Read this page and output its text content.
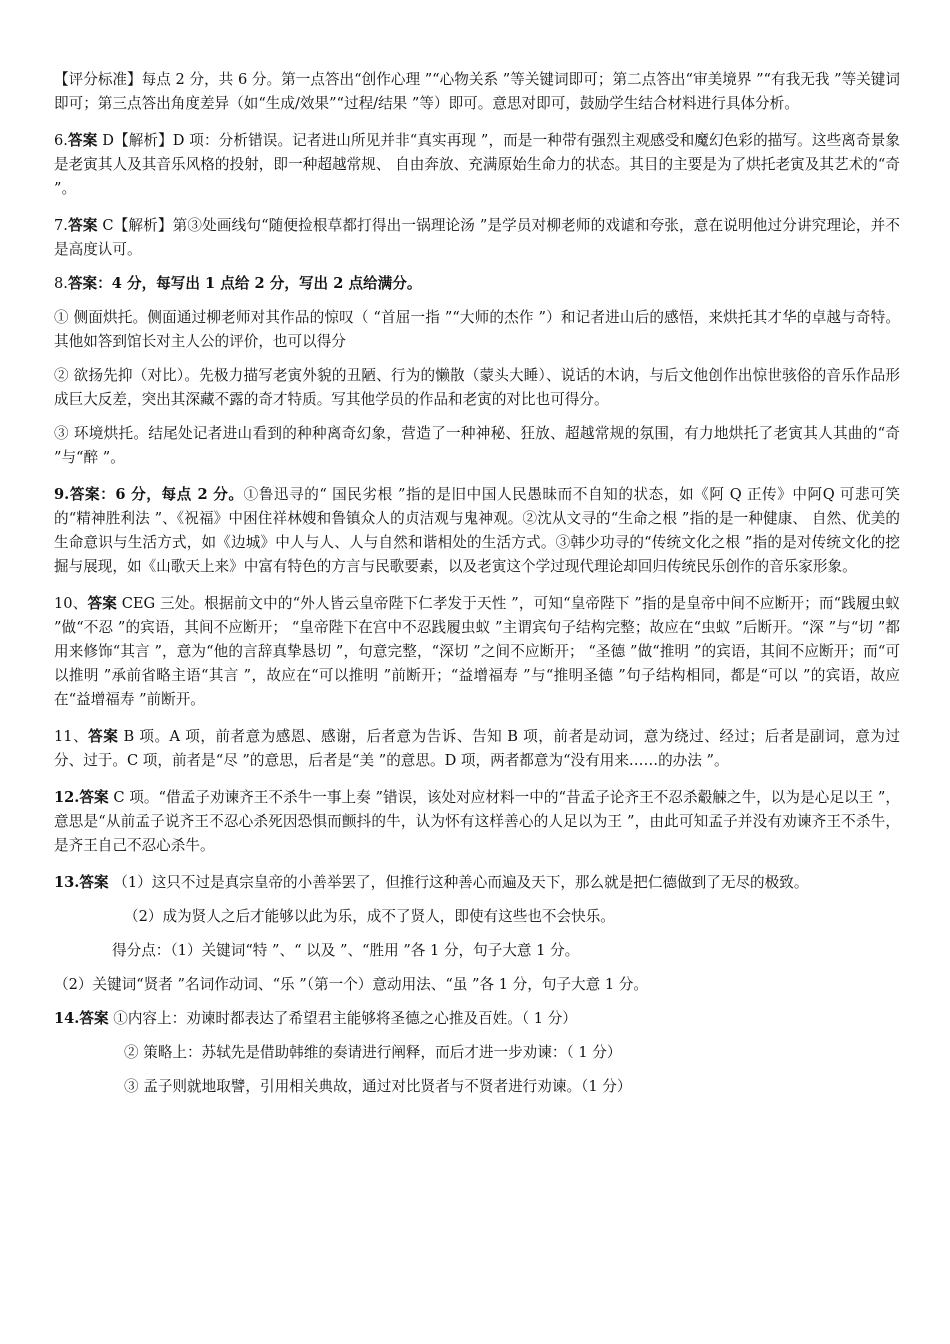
【评分标准】每点 2 分，共 6 分。第一点答出“创作心理 ”“心物关系 ”等关键词即可；第二点答出“审美境界 ”“有我无我 ”等关键词即可；第三点答出角度差异（如“生成/效果”“过程/结果 ”等）即可。意思对即可，鼓励学生结合材料进行具体分析。

6.答案 D【解析】D 项：分析错误。记者进山所见并非“真实再现 ”，而是一种带有强烈主观感受和魔幻色彩的描写。这些离奇景象是老寅其人及其音乐风格的投射，即一种超越常规、 自由奔放、充满原始生命力的状态。其目的主要是为了烘托老寅及其艺术的“奇 ”。

7.答案 C【解析】第③处画线句“随便捡根草都打得出一锅理论汤 ”是学员对柳老师的戏谑和夸张，意在说明他过分讲究理论，并不是高度认可。

8.答案：4 分，每写出 1 点给 2 分，写出 2 点给满分。

① 侧面烘托。侧面通过柳老师对其作品的惊叹（ “首屈一指 ”“大师的杰作 ”）和记者进山后的感悟，来烘托其才华的卓越与奇特。其他如答到馆长对主人公的评价，也可以得分

② 欲扬先抑（对比）。先极力描写老寅外貌的丑陋、行为的懒散（蒙头大睡）、说话的木讷，与后文他创作出惊世骇俗的音乐作品形成巨大反差，突出其深藏不露的奇才特质。写其他学员的作品和老寅的对比也可得分。

③ 环境烘托。结尾处记者进山看到的种种离奇幻象，营造了一种神秘、狂放、超越常规的氛围，有力地烘托了老寅其人其曲的“奇 ”与“醉 ”。

9.答案：6 分，每点 2 分。①鲁迅寻的“ 国民劣根 ”指的是旧中国人民愚昧而不自知的状态，如《阿 Q 正传》中阿Q 可悲可笑的“精神胜利法 ”、《祝福》中困住祥林嫂和鲁镇众人的贞洁观与鬼神观。②沈从文寻的“生命之根 ”指的是一种健康、 自然、优美的生命意识与生活方式，如《边城》中人与人、人与自然和谐相处的生活方式。③韩少功寻的“传统文化之根 ”指的是对传统文化的挖掘与展现，如《山歌天上来》中富有特色的方言与民歌要素，以及老寅这个学过现代理论却回归传统民乐创作的音乐家形象。

10、答案 CEG 三处。根据前文中的“外人皆云皇帝陛下仁孝发于天性 ”，可知“皇帝陛下 ”指的是皇帝中间不应断开；而“践履虫蚁 ”做“不忍 ”的宾语，其间不应断开； “皇帝陛下在宫中不忍践履虫蚁 ”主谓宾句子结构完整；故应在“虫蚁 ”后断开。“深 ”与“切 ”都用来修饰“其言 ”，意为“他的言辞真挚恳切 ”，句意完整，“深切 ”之间不应断开； “圣德 ”做“推明 ”的宾语，其间不应断开；而“可以推明 ”承前省略主语“其言 ”，故应在“可以推明 ”前断开；“益增福寿 ”与“推明圣德 ”句子结构相同，都是“可以 ”的宾语，故应在“益增福寿 ”前断开。

11、答案 B 项。A 项，前者意为感恩、感谢，后者意为告诉、告知 B 项，前者是动词，意为绕过、经过；后者是副词，意为过分、过于。C 项，前者是“尽 ”的意思，后者是“美 ”的意思。D 项，两者都意为“没有用来……的办法 ”。

12.答案 C 项。“借孟子劝谏齐王不杀牛一事上奏 ”错误，该处对应材料一中的“昔孟子论齐王不忍杀觳觫之牛，以为是心足以王 ”，意思是“从前孟子说齐王不忍心杀死因恐惧而颤抖的牛，认为怀有这样善心的人足以为王 ”，由此可知孟子并没有劝谏齐王不杀牛，是齐王自己不忍心杀牛。

13.答案 （1）这只不过是真宗皇帝的小善举罢了，但推行这种善心而遍及天下，那么就是把仁德做到了无尽的极致。

（2）成为贤人之后才能够以此为乐，成不了贤人，即使有这些也不会快乐。

得分点：（1）关键词“特 ”、“ 以及 ”、“胜用 ”各 1 分，句子大意 1 分。

（2）关键词“贤者 ”名词作动词、“乐 ”（第一个）意动用法、“虽 ”各 1 分，句子大意 1 分。

14.答案 ①内容上：劝谏时都表达了希望君主能够将圣德之心推及百姓。（ 1 分）

② 策略上：苏轼先是借助韩维的奏请进行阐释，而后才进一步劝谏：（ 1 分）

③ 孟子则就地取譬，引用相关典故，通过对比贤者与不贤者进行劝谏。（1 分）
